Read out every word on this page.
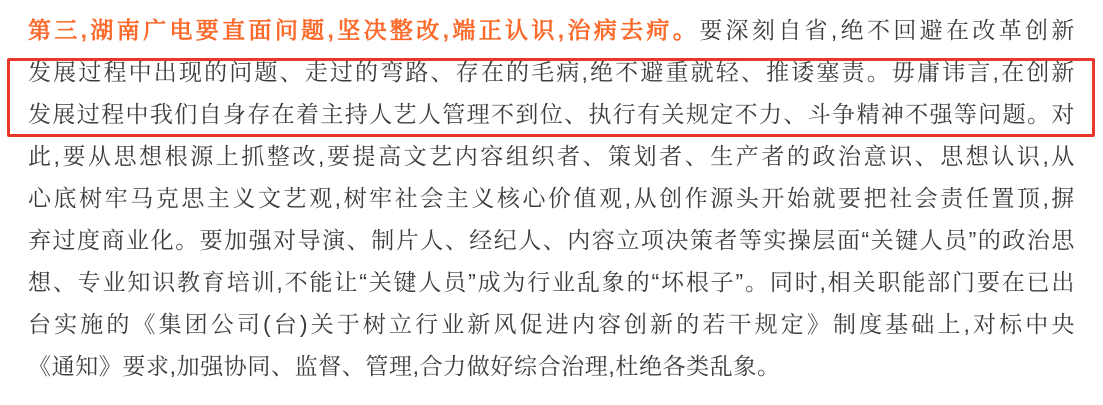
第三,湖南广电要直面问题,坚决整改,端正认识,治病去疴。要深刻自省,绝不回避在改革创新
发展过程中出现的问题、走过的弯路、存在的毛病,绝不避重就轻、推诿塞责。毋庸讳言,在创新
发展过程中我们自身存在着主持人艺人管理不到位、执行有关规定不力、斗争精神不强等问题。对
此,要从思想根源上抓整改,要提高文艺内容组织者、策划者、生产者的政治意识、思想认识,从
心底树牢马克思主义文艺观,树牢社会主义核心价值观,从创作源头开始就要把社会责任置顶,摒
弃过度商业化。要加强对导演、制片人、经纪人、内容立项决策者等实操层面“关键人员”的政治思
想、专业知识教育培训,不能让“关键人员”成为行业乱象的“坏根子”。同时,相关职能部门要在已出
台实施的《集团公司(台)关于树立行业新风促进内容创新的若干规定》制度基础上,对标中央
《通知》要求,加强协同、监督、管理,合力做好综合治理,杜绝各类乱象。
